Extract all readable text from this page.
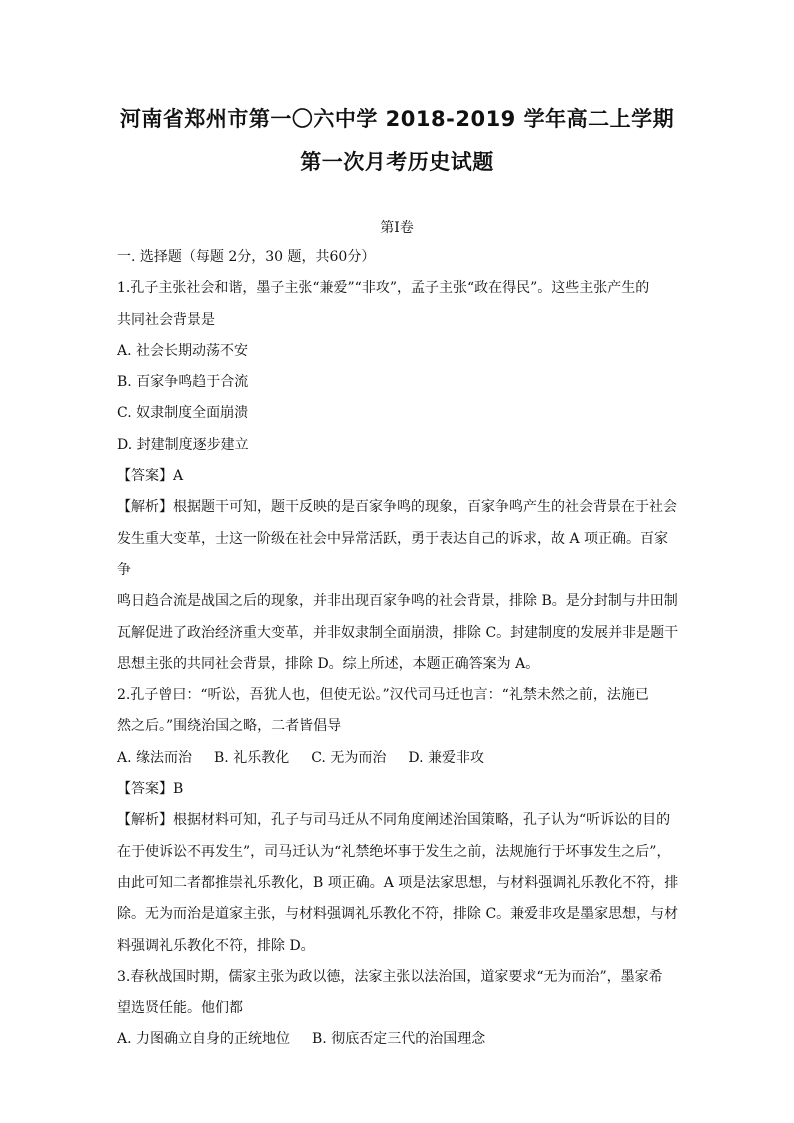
河南省郑州市第一〇六中学 2018-2019 学年高二上学期
第一次月考历史试题
第Ⅰ卷

一. 选择题（每题 2分，30 题，共60分）

1.孔子主张社会和谐，墨子主张“兼爱”“非攻”，孟子主张“政在得民”。这些主张产生的

共同社会背景是

A. 社会长期动荡不安

B. 百家争鸣趋于合流

C. 奴隶制度全面崩溃

D. 封建制度逐步建立

【答案】A

【解析】根据题干可知，题干反映的是百家争鸣的现象，百家争鸣产生的社会背景在于社会

发生重大变革，士这一阶级在社会中异常活跃，勇于表达自己的诉求，故 A 项正确。百家争

鸣日趋合流是战国之后的现象，并非出现百家争鸣的社会背景，排除 B。是分封制与井田制

瓦解促进了政治经济重大变革，并非奴隶制全面崩溃，排除 C。封建制度的发展并非是题干

思想主张的共同社会背景，排除 D。综上所述，本题正确答案为 A。

2.孔子曾曰：“听讼，吾犹人也，但使无讼。”汉代司马迁也言：“礼禁未然之前，法施已

然之后。”围绕治国之略，二者皆倡导

A. 缘法而治 B. 礼乐教化 C. 无为而治 D. 兼爱非攻

【答案】B

【解析】根据材料可知，孔子与司马迁从不同角度阐述治国策略，孔子认为“听诉讼的目的

在于使诉讼不再发生”，司马迁认为“礼禁绝坏事于发生之前，法规施行于坏事发生之后”，

由此可知二者都推崇礼乐教化，B 项正确。A 项是法家思想，与材料强调礼乐教化不符，排

除。无为而治是道家主张，与材料强调礼乐教化不符，排除 C。兼爱非攻是墨家思想，与材

料强调礼乐教化不符，排除 D。

3.春秋战国时期，儒家主张为政以德，法家主张以法治国，道家要求“无为而治”，墨家希

望选贤任能。他们都

A. 力图确立自身的正统地位 B. 彻底否定三代的治国理念
